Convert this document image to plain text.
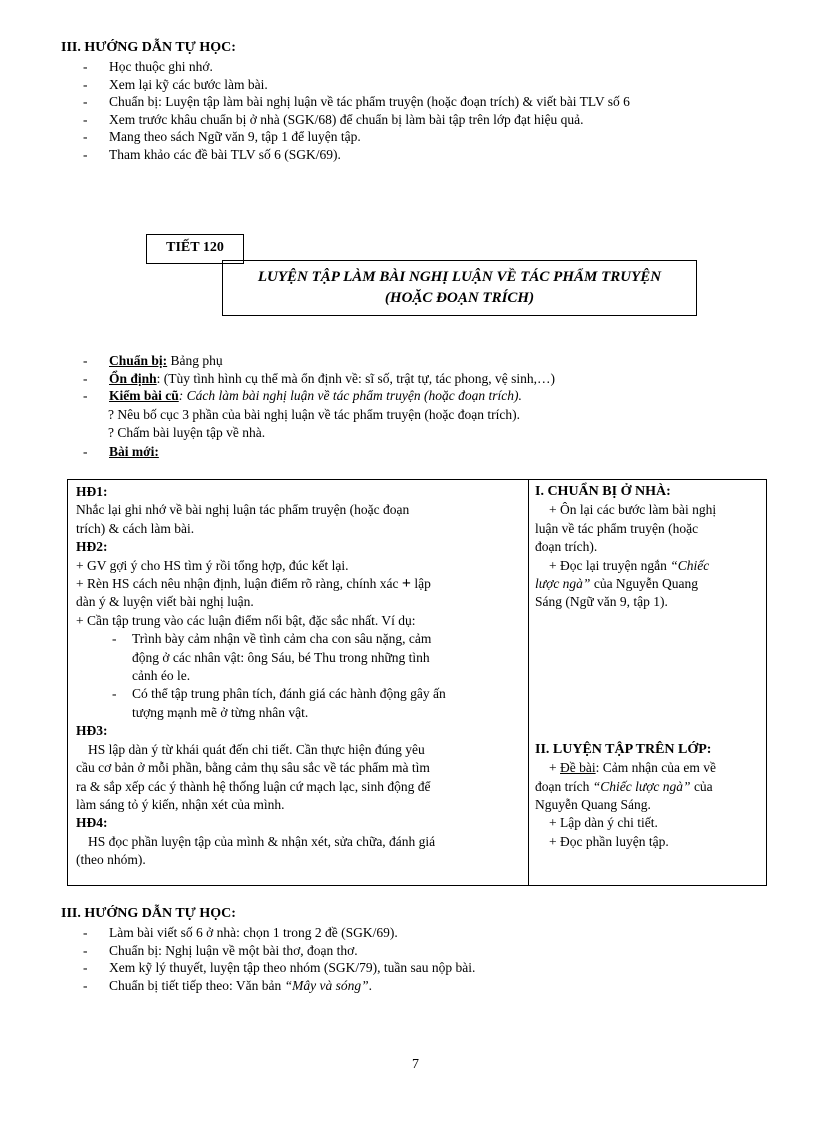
III. HƯỚNG DẪN TỰ HỌC:
- Học thuộc ghi nhớ.
- Xem lại kỹ các bước làm bài.
- Chuẩn bị: Luyện tập làm bài nghị luận về tác phẩm truyện (hoặc đoạn trích) & viết bài TLV số 6
- Xem trước khâu chuẩn bị ở nhà (SGK/68) để chuẩn bị làm bài tập trên lớp đạt hiệu quả.
- Mang theo sách Ngữ văn 9, tập 1 để luyện tập.
- Tham khảo các đề bài TLV số 6 (SGK/69).
TIẾT 120
LUYỆN TẬP LÀM BÀI NGHỊ LUẬN VỀ TÁC PHẨM TRUYỆN
(HOẶC ĐOẠN TRÍCH)
- Chuẩn bị: Bảng phụ
- Ổn định: (Tùy tình hình cụ thể mà ổn định về: sĩ số, trật tự, tác phong, vệ sinh,…)
- Kiểm bài cũ: Cách làm bài nghị luận về tác phẩm truyện (hoặc đoạn trích).
? Nêu bố cục 3 phần của bài nghị luận về tác phẩm truyện (hoặc đoạn trích).
? Chấm bài luyện tập về nhà.
- Bài mới:

HĐ1:

Nhắc lại ghi nhớ về bài nghị luận tác phẩm truyện (hoặc đoạn

trích) & cách làm bài.

HĐ2:

+ GV gợi ý cho HS tìm ý rồi tổng hợp, đúc kết lại.

+ Rèn HS cách nêu nhận định, luận điểm rõ ràng, chính xác + lập

dàn ý & luyện viết bài nghị luận.

+ Cần tập trung vào các luận điểm nổi bật, đặc sắc nhất. Ví dụ:

- Trình bày cảm nhận về tình cảm cha con sâu nặng, cảm
động ở các nhân vật: ông Sáu, bé Thu trong những tình
cảnh éo le.
- Có thể tập trung phân tích, đánh giá các hành động gây ấn
tượng mạnh mẽ ở từng nhân vật.

HĐ3:

HS lập dàn ý từ khái quát đến chi tiết. Cần thực hiện đúng yêu

cầu cơ bản ở mỗi phần, bằng cảm thụ sâu sắc về tác phẩm mà tìm

ra & sắp xếp các ý thành hệ thống luận cứ mạch lạc, sinh động để

làm sáng tỏ ý kiến, nhận xét của mình.

HĐ4:

HS đọc phần luyện tập của mình & nhận xét, sửa chữa, đánh giá

(theo nhóm).

I. CHUẨN BỊ Ở NHÀ:

+ Ôn lại các bước làm bài nghị

luận về tác phẩm truyện (hoặc

đoạn trích).

+ Đọc lại truyện ngắn “Chiếc

lược ngà” của Nguyễn Quang

Sáng (Ngữ văn 9, tập 1).

II. LUYỆN TẬP TRÊN LỚP:

+ Đề bài: Cảm nhận của em về

đoạn trích “Chiếc lược ngà” của

Nguyễn Quang Sáng.

+ Lập dàn ý chi tiết.

+ Đọc phần luyện tập.

III. HƯỚNG DẪN TỰ HỌC:
- Làm bài viết số 6 ở nhà: chọn 1 trong 2 đề (SGK/69).
- Chuẩn bị: Nghị luận về một bài thơ, đoạn thơ.
- Xem kỹ lý thuyết, luyện tập theo nhóm (SGK/79), tuần sau nộp bài.
- Chuẩn bị tiết tiếp theo: Văn bản “Mây và sóng”.
7
